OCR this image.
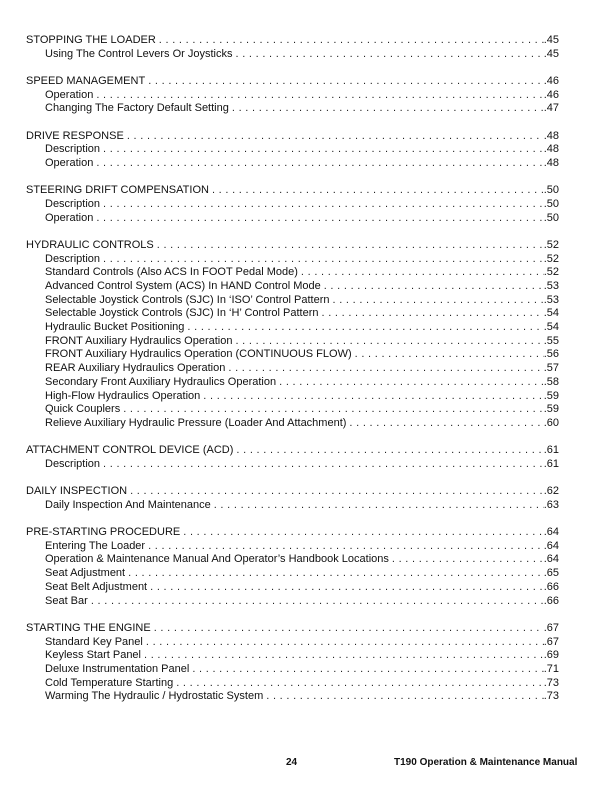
STOPPING THE LOADER . . .	.45
Using The Control Levers Or Joysticks . . .	.45
SPEED MANAGEMENT . . .	.46
Operation . . .	.46
Changing The Factory Default Setting . . .	.47
DRIVE RESPONSE . . .	.48
Description . . .	.48
Operation . . .	.48
STEERING DRIFT COMPENSATION . . .	.50
Description . . .	.50
Operation . . .	.50
HYDRAULIC CONTROLS . . .	.52
Description . . .	.52
Standard Controls (Also ACS In FOOT Pedal Mode) . . .	.52
Advanced Control System (ACS) In HAND Control Mode . . .	.53
Selectable Joystick Controls (SJC) In ‘ISO’ Control Pattern . . .	.53
Selectable Joystick Controls (SJC) In ‘H’ Control Pattern . . .	.54
Hydraulic Bucket Positioning . . .	.54
FRONT Auxiliary Hydraulics Operation . . .	.55
FRONT Auxiliary Hydraulics Operation (CONTINUOUS FLOW) . . .	.56
REAR Auxiliary Hydraulics Operation . . .	.57
Secondary Front Auxiliary Hydraulics Operation . . .	.58
High-Flow Hydraulics Operation . . .	.59
Quick Couplers . . .	.59
Relieve Auxiliary Hydraulic Pressure (Loader And Attachment) . . .	.60
ATTACHMENT CONTROL DEVICE (ACD) . . .	.61
Description . . .	.61
DAILY INSPECTION . . .	.62
Daily Inspection And Maintenance . . .	.63
PRE-STARTING PROCEDURE . . .	.64
Entering The Loader . . .	.64
Operation & Maintenance Manual And Operator’s Handbook Locations . . .	.64
Seat Adjustment . . .	.65
Seat Belt Adjustment . . .	.66
Seat Bar . . .	.66
STARTING THE ENGINE . . .	.67
Standard Key Panel . . .	.67
Keyless Start Panel . . .	.69
Deluxe Instrumentation Panel . . .	.71
Cold Temperature Starting . . .	.73
Warming The Hydraulic / Hydrostatic System . . .	.73
24	T190 Operation & Maintenance Manual
